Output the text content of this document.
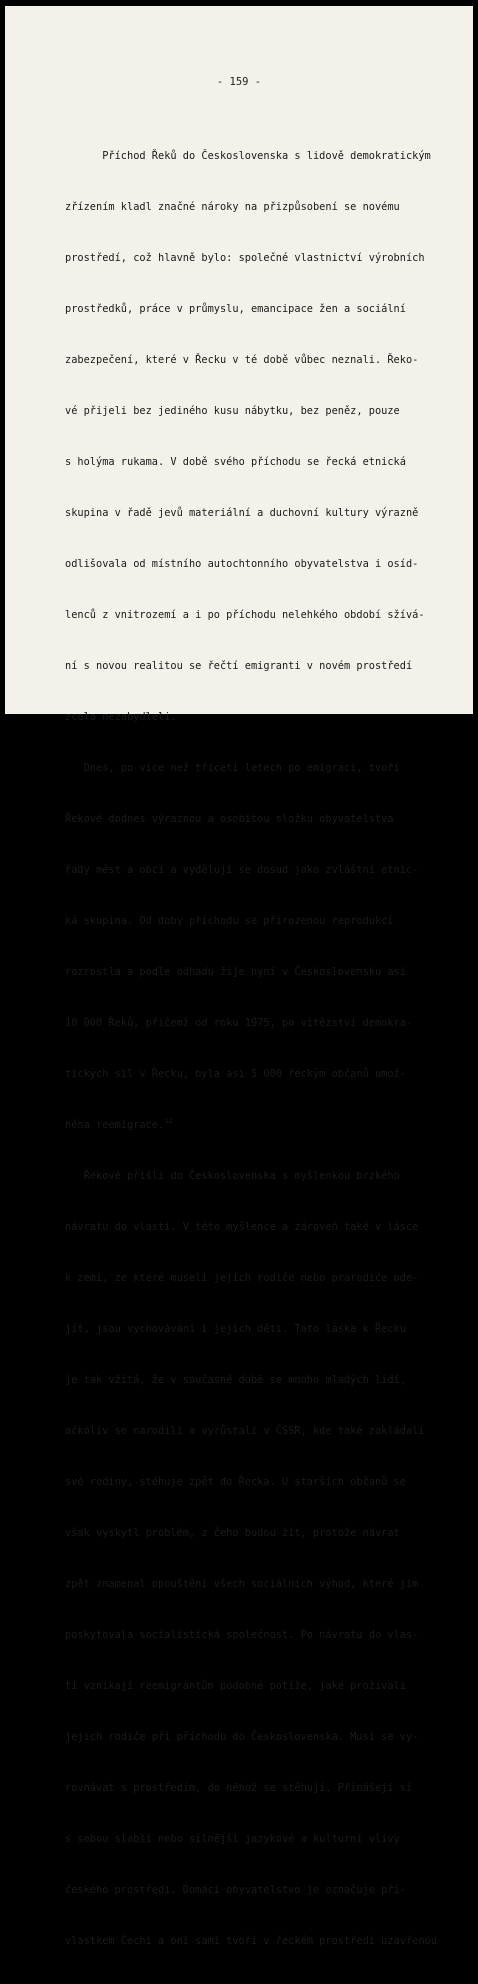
- 159 -

Příchod Řeků do Československa s lidově demokratickým

zřízením kladl značné nároky na přizpůsobení se novému

prostředí, což hlavně bylo: společné vlastnictví výrobních

prostředků, práce v průmyslu, emancipace žen a sociální

zabezpečení, které v Řecku v té době vůbec neznali. Řeko-

vé přijeli bez jediného kusu nábytku, bez peněz, pouze

s holýma rukama. V době svého příchodu se řecká etnická

skupina v řadě jevů materiální a duchovní kultury výrazně

odlišovala od místního autochtonního obyvatelstva i osíd-

lenců z vnitrozemí a i po příchodu nelehkého období sžívá-

ní s novou realitou se řečtí emigranti v novém prostředí

zcela nezabydleli.

Dnes, po více než třiceti letech po emigraci, tvoří

Řekové dodnes výraznou a osobitou složku obyvatelstva

řady měst a obcí a vydělují se dosud jako zvláštní etnic-

ká skupina. Od doby příchodu se přirozenou reprodukcí

rozrostla a podle odhadu žije nyní v Československu asi

10 000 Řeků, přičemž od roku 1975, po vítězství demokra-

tických sil v Řecku, byla asi 5 000 řeckým občanů umož-

něna reemigrace.$^{12}$

Řekové přišli do Československa s myšlenkou brzkého

návratu do vlasti. V této myšlence a zároveň také v lásce

k zemi, ze které museli jejich rodiče nebo prarodiče ode-

jít, jsou vychováváni i jejich děti. Tato láska k Řecku

je tak vžitá, že v současné době se mnoho mladých lidí,

ačkoliv se narodili a vyrůstali v ČSSR, kde také zakládali

své rodiny, stěhuje zpět do Řecka. U starších občanů se

však vyskytl problém, z čeho budou žít, protože návrat

zpět znamenal opouštění všech sociálních výhod, které jim

poskytovala socialistická společnost. Po návratu do vlas-

ti vznikají reemigrantům podobné potíže, jaké prožívali

jejich rodiče při příchodu do Československa. Musí se vy-

rovnávat s prostředím, do něhož se stěhují. Přinášejí si

s sebou slabší nebo silnější jazykové a kulturní vlivy

českého prostředí. Domácí obyvatelstvo je označuje pří-

vlastkem Čechi a oni sami tvoří v řeckém prostředí uzavřenou
